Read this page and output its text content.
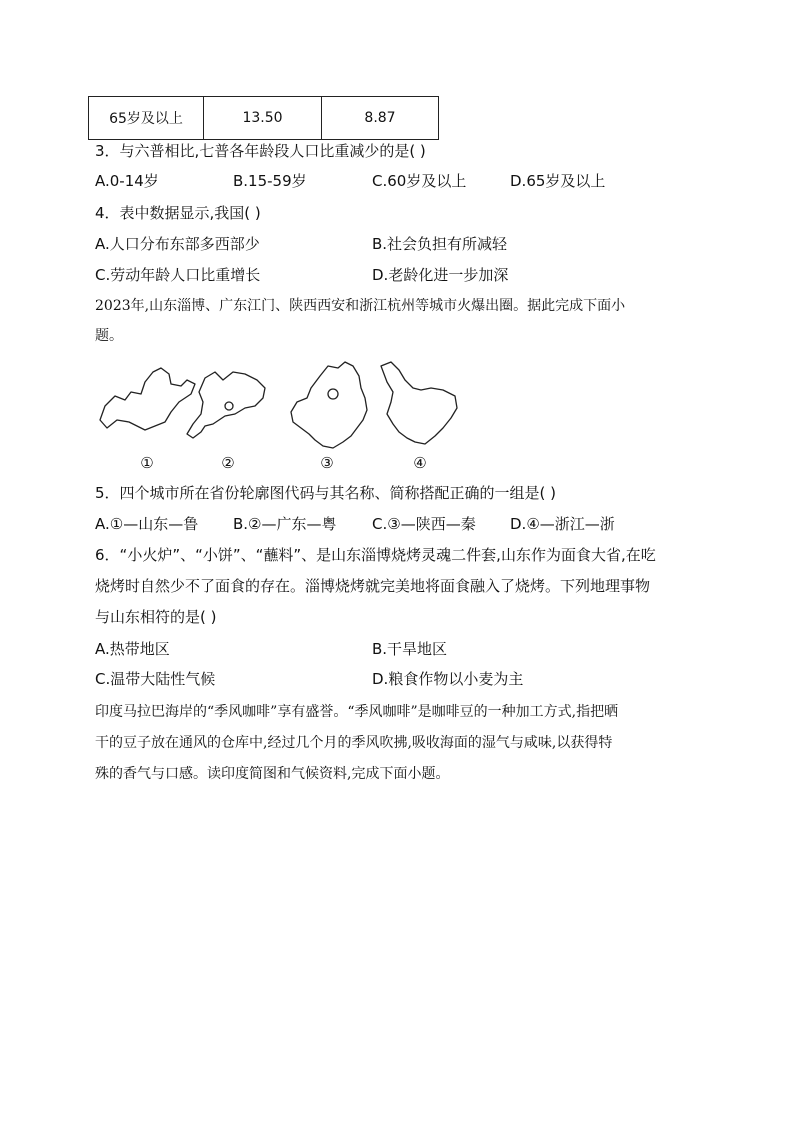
65岁及以上	13.50	8.87
3．与六普相比,七普各年龄段人口比重减少的是( )
A.0-14岁	B.15-59岁	C.60岁及以上	D.65岁及以上
4．表中数据显示,我国( )
A.人口分布东部多西部少	B.社会负担有所减轻
C.劳动年龄人口比重增长	D.老龄化进一步加深
2023年,山东淄博、广东江门、陕西西安和浙江杭州等城市火爆出圈。据此完成下面小
题。
①	②	③	④
5．四个城市所在省份轮廓图代码与其名称、简称搭配正确的一组是( )
A.①—山东—鲁 B.②—广东—粤 C.③—陕西—秦 D.④—浙江—浙
6．“小火炉”、“小饼”、“蘸料”、是山东淄博烧烤灵魂二件套,山东作为面食大省,在吃
烧烤时自然少不了面食的存在。淄博烧烤就完美地将面食融入了烧烤。下列地理事物
与山东相符的是( )
A.热带地区	B.干旱地区
C.温带大陆性气候	D.粮食作物以小麦为主
印度马拉巴海岸的“季风咖啡”享有盛誉。“季风咖啡”是咖啡豆的一种加工方式,指把晒
干的豆子放在通风的仓库中,经过几个月的季风吹拂,吸收海面的湿气与咸味,以获得特
殊的香气与口感。读印度简图和气候资料,完成下面小题。
